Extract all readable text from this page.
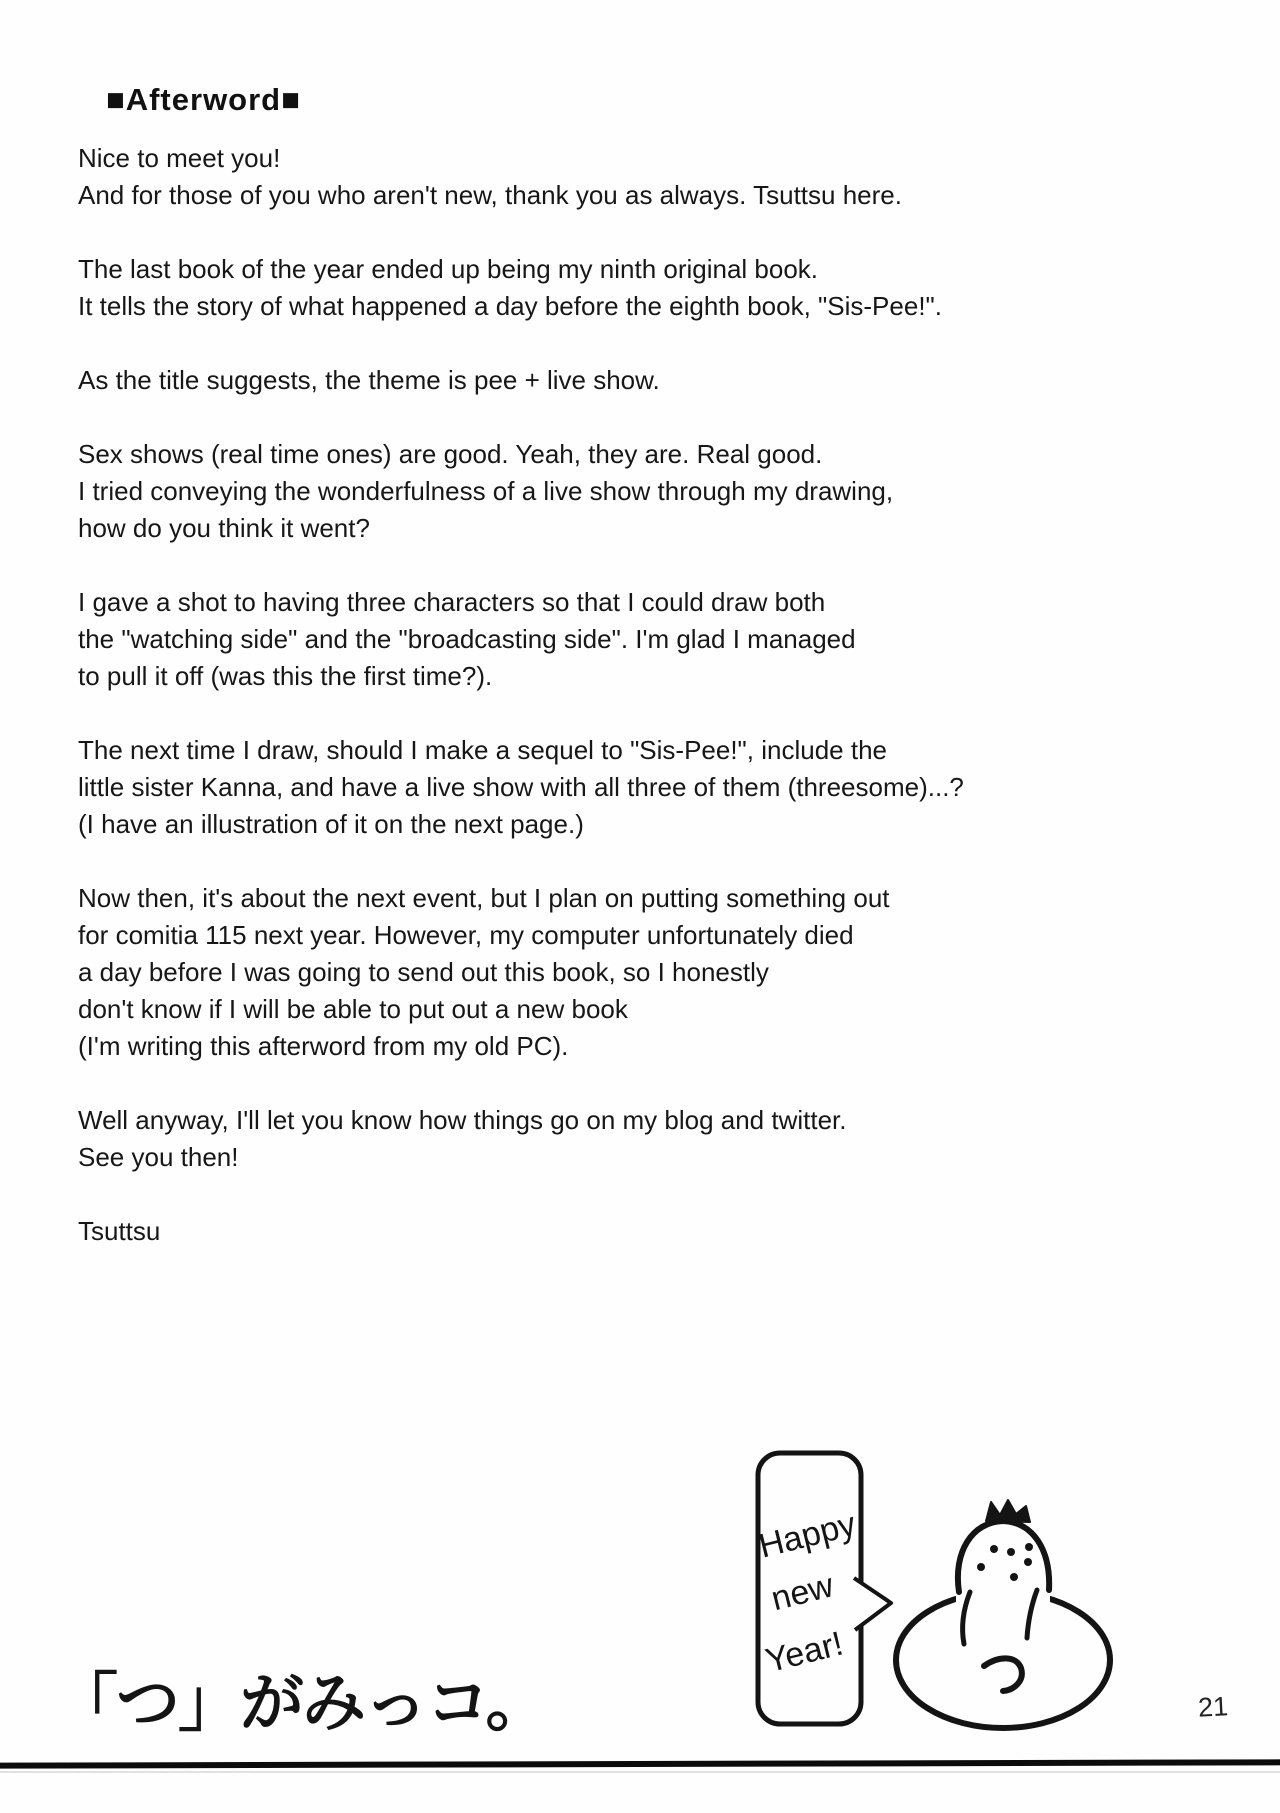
■Afterword■

Nice to meet you!
And for those of you who aren't new, thank you as always. Tsuttsu here.

The last book of the year ended up being my ninth original book.
It tells the story of what happened a day before the eighth book, "Sis-Pee!".

As the title suggests, the theme is pee + live show.

Sex shows (real time ones) are good. Yeah, they are. Real good.
I tried conveying the wonderfulness of a live show through my drawing,
how do you think it went?

I gave a shot to having three characters so that I could draw both
the "watching side" and the "broadcasting side". I'm glad I managed
to pull it off (was this the first time?).

The next time I draw, should I make a sequel to "Sis-Pee!", include the
little sister Kanna, and have a live show with all three of them (threesome)...?
(I have an illustration of it on the next page.)

Now then, it's about the next event, but I plan on putting something out
for comitia 115 next year. However, my computer unfortunately died
a day before I was going to send out this book, so I honestly
don't know if I will be able to put out a new book
(I'm writing this afterword from my old PC).

Well anyway, I'll let you know how things go on my blog and twitter.
See you then!

Tsuttsu

Happy
new
Year!
「つ」がみっコ。	21
